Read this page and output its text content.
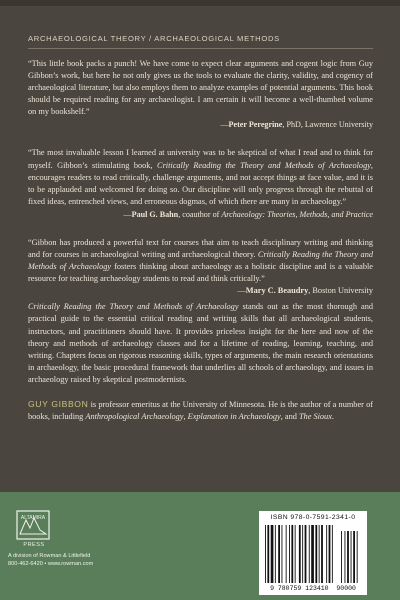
ARCHAEOLOGICAL THEORY / ARCHAEOLOGICAL METHODS

“This little book packs a punch! We have come to expect clear arguments and cogent logic from Guy Gibbon’s work, but here he not only gives us the tools to evaluate the clarity, validity, and cogency of archaeological literature, but also employs them to analyze examples of potential arguments. This book should be required reading for any archaeologist. I am certain it will become a well-thumbed volume on my bookshelf.”

—Peter Peregrine, PhD, Lawrence University

“The most invaluable lesson I learned at university was to be skeptical of what I read and to think for myself. Gibbon’s stimulating book, Critically Reading the Theory and Methods of Archaeology, encourages readers to read critically, challenge arguments, and not accept things at face value, and it is to be applauded and welcomed for doing so. Our discipline will only progress through the rebuttal of fixed ideas, entrenched views, and erroneous dogmas, of which there are many in archaeology.”

—Paul G. Bahn, coauthor of Archaeology: Theories, Methods, and Practice

“Gibbon has produced a powerful text for courses that aim to teach disciplinary writing and thinking and for courses in archaeological writing and archaeological theory. Critically Reading the Theory and Methods of Archaeology fosters thinking about archaeology as a holistic discipline and is a valuable resource for teaching archaeology students to read and think critically.”
—Mary C. Beaudry, Boston University

Critically Reading the Theory and Methods of Archaeology stands out as the most thorough and practical guide to the essential critical reading and writing skills that all archaeological students, instructors, and practitioners should have. It provides priceless insight for the here and now of the theory and methods of archaeology classes and for a lifetime of reading, learning, teaching, and writing. Chapters focus on rigorous reasoning skills, types of arguments, the main research orientations in archaeology, the basic procedural framework that underlies all schools of archaeology, and issues in archaeology raised by skeptical postmodernists.

GUY GIBBON is professor emeritus at the University of Minnesota. He is the author of a number of books, including Anthropological Archaeology, Explanation in Archaeology, and The Sioux.

ALTAMIRA
PRESS
A division of Rowman & Littlefield
800-462-6420 • www.rowman.com
ISBN 978-0-7591-2341-0
9 780759 123410 90000
